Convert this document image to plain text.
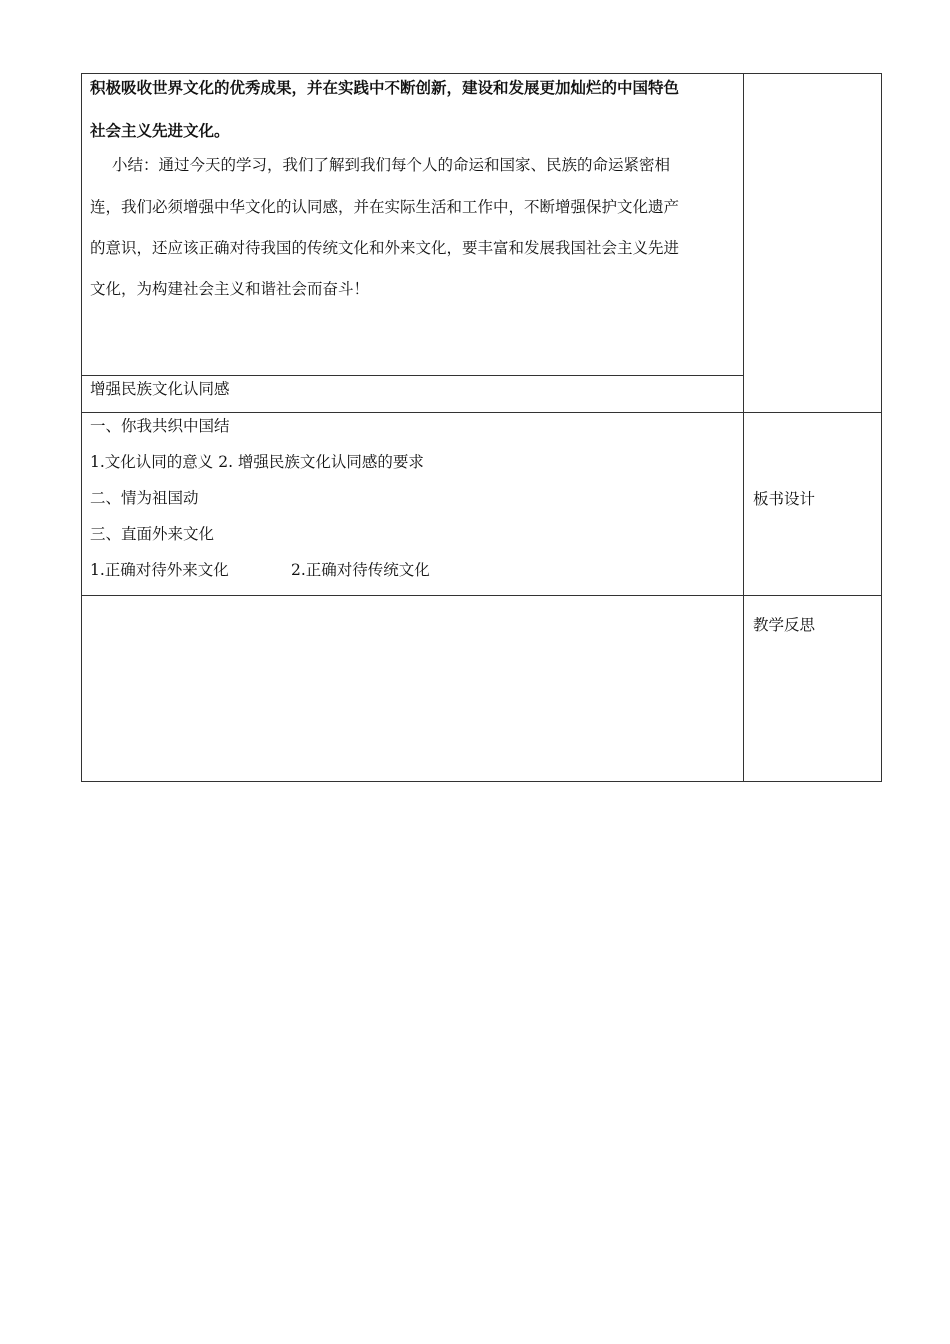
积极吸收世界文化的优秀成果，并在实践中不断创新，建设和发展更加灿烂的中国特色
社会主义先进文化。
小结：通过今天的学习，我们了解到我们每个人的命运和国家、民族的命运紧密相
连，我们必须增强中华文化的认同感，并在实际生活和工作中，不断增强保护文化遗产
的意识，还应该正确对待我国的传统文化和外来文化，要丰富和发展我国社会主义先进
文化，为构建社会主义和谐社会而奋斗！
增强民族文化认同感
一、你我共织中国结
1.文化认同的意义 2. 增强民族文化认同感的要求
二、情为祖国动
三、直面外来文化
1.正确对待外来文化	2.正确对待传统文化
板书设计
教学反思
